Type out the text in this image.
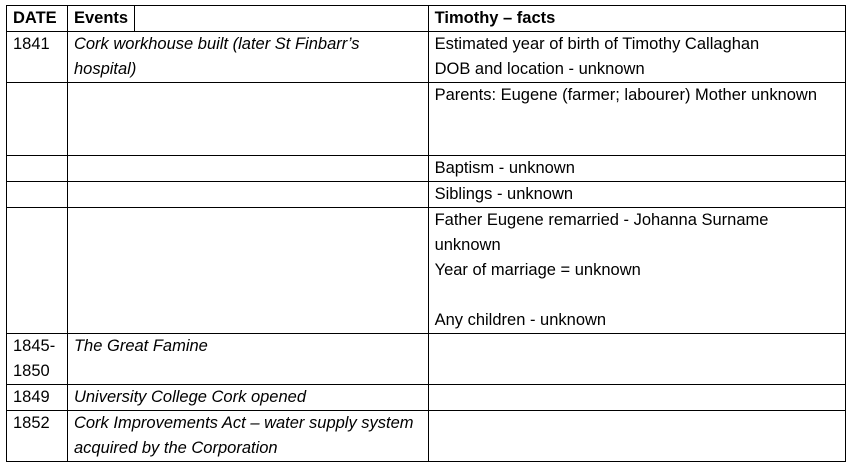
DATE	Events	Timothy – facts
1841	Cork workhouse built (later St Finbarr’s hospital)	Estimated year of birth of Timothy Callaghan
DOB and location - unknown

		Parents: Eugene (farmer; labourer) Mother unknown

		Baptism - unknown

		Siblings - unknown

		Father Eugene remarried - Johanna Surname unknown
Year of marriage = unknown
Any children - unknown

1845-1850	The Great Famine	
1849	University College Cork opened	
1852	Cork Improvements Act – water supply system acquired by the Corporation	
